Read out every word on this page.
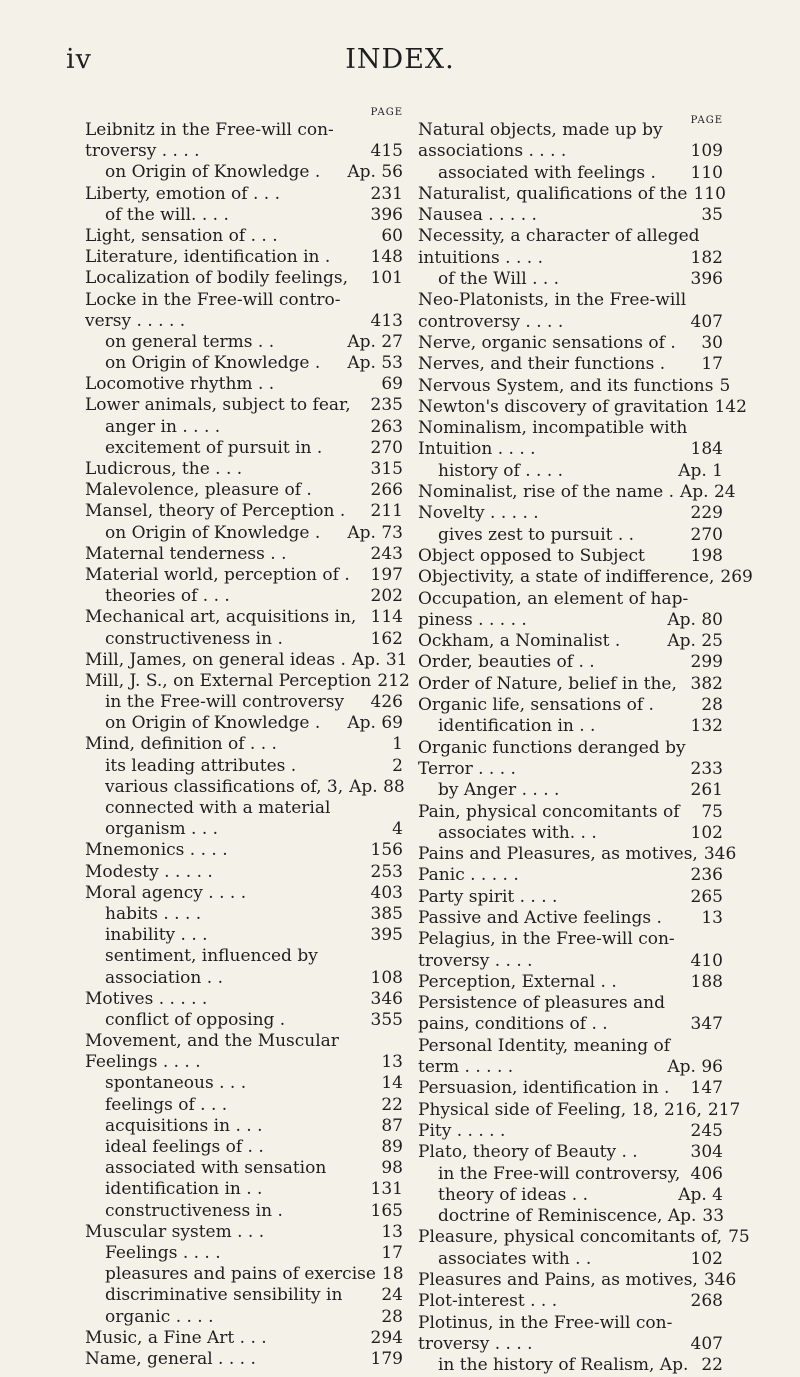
iv	INDEX.
PAGE
Leibnitz in the Free-will con-
troversy . . . .	415
on Origin of Knowledge .	Ap. 56
Liberty, emotion of . . .	231
of the will. . . .	396
Light, sensation of . . .	60
Literature, identification in .	148
Localization of bodily feelings,	101
Locke in the Free-will contro-
versy . . . . .	413
on general terms . .	Ap. 27
on Origin of Knowledge .	Ap. 53
Locomotive rhythm . .	69
Lower animals, subject to fear,	235
anger in . . . .	263
excitement of pursuit in .	270
Ludicrous, the . . .	315
Malevolence, pleasure of .	266
Mansel, theory of Perception .	211
on Origin of Knowledge .	Ap. 73
Maternal tenderness . .	243
Material world, perception of .	197
theories of . . .	202
Mechanical art, acquisitions in, 114
constructiveness in .	162
Mill, James, on general ideas . Ap. 31
Mill, J. S., on External Perception 212
in the Free-will controversy	426
on Origin of Knowledge .	Ap. 69
Mind, definition of . . .	1
its leading attributes .	2
various classifications of, 3, Ap. 88
connected with a material
organism . . .	4
Mnemonics . . . .	156
Modesty . . . . .	253
Moral agency . . . .	403
habits . . . .	385
inability . . .	395
sentiment, influenced by
association . .	108
Motives . . . . .	346
conflict of opposing .	355
Movement, and the Muscular
Feelings . . . .	13
spontaneous . . .	14
feelings of . . .	22
acquisitions in . . .	87
ideal feelings of . .	89
associated with sensation	98
identification in . .	131
constructiveness in .	165
Muscular system . . .	13
Feelings . . . .	17
pleasures and pains of exercise 18
discriminative sensibility in	24
organic . . . .	28
Music, a Fine Art . . .	294
Name, general . . . .	179
PAGE
Natural objects, made up by
associations . . . .	109
associated with feelings .	110
Naturalist, qualifications of the 110
Nausea . . . . .	35
Necessity, a character of alleged
intuitions . . . .	182
of the Will . . .	396
Neo-Platonists, in the Free-will
controversy . . . .	407
Nerve, organic sensations of .	30
Nerves, and their functions .	17
Nervous System, and its functions 5
Newton's discovery of gravitation 142
Nominalism, incompatible with
Intuition . . . .	184
history of . . . .	Ap. 1
Nominalist, rise of the name . Ap. 24
Novelty . . . . .	229
gives zest to pursuit . .	270
Object opposed to Subject	198
Objectivity, a state of indifference, 269
Occupation, an element of hap-
piness . . . . .	Ap. 80
Ockham, a Nominalist .	Ap. 25
Order, beauties of . .	299
Order of Nature, belief in the, 382
Organic life, sensations of .	28
identification in . .	132
Organic functions deranged by
Terror . . . .	233
by Anger . . . .	261
Pain, physical concomitants of	75
associates with. . .	102
Pains and Pleasures, as motives, 346
Panic . . . . .	236
Party spirit . . . .	265
Passive and Active feelings .	13
Pelagius, in the Free-will con-
troversy . . . .	410
Perception, External . .	188
Persistence of pleasures and
pains, conditions of . .	347
Personal Identity, meaning of
term . . . . .	Ap. 96
Persuasion, identification in .	147
Physical side of Feeling, 18, 216, 217
Pity . . . . .	245
Plato, theory of Beauty . .	304
in the Free-will controversy, 406
theory of ideas . .	Ap. 4
doctrine of Reminiscence, Ap. 33
Pleasure, physical concomitants of, 75
associates with . .	102
Pleasures and Pains, as motives, 346
Plot-interest . . .	268
Plotinus, in the Free-will con-
troversy . . . .	407
in the history of Realism, Ap. 22
